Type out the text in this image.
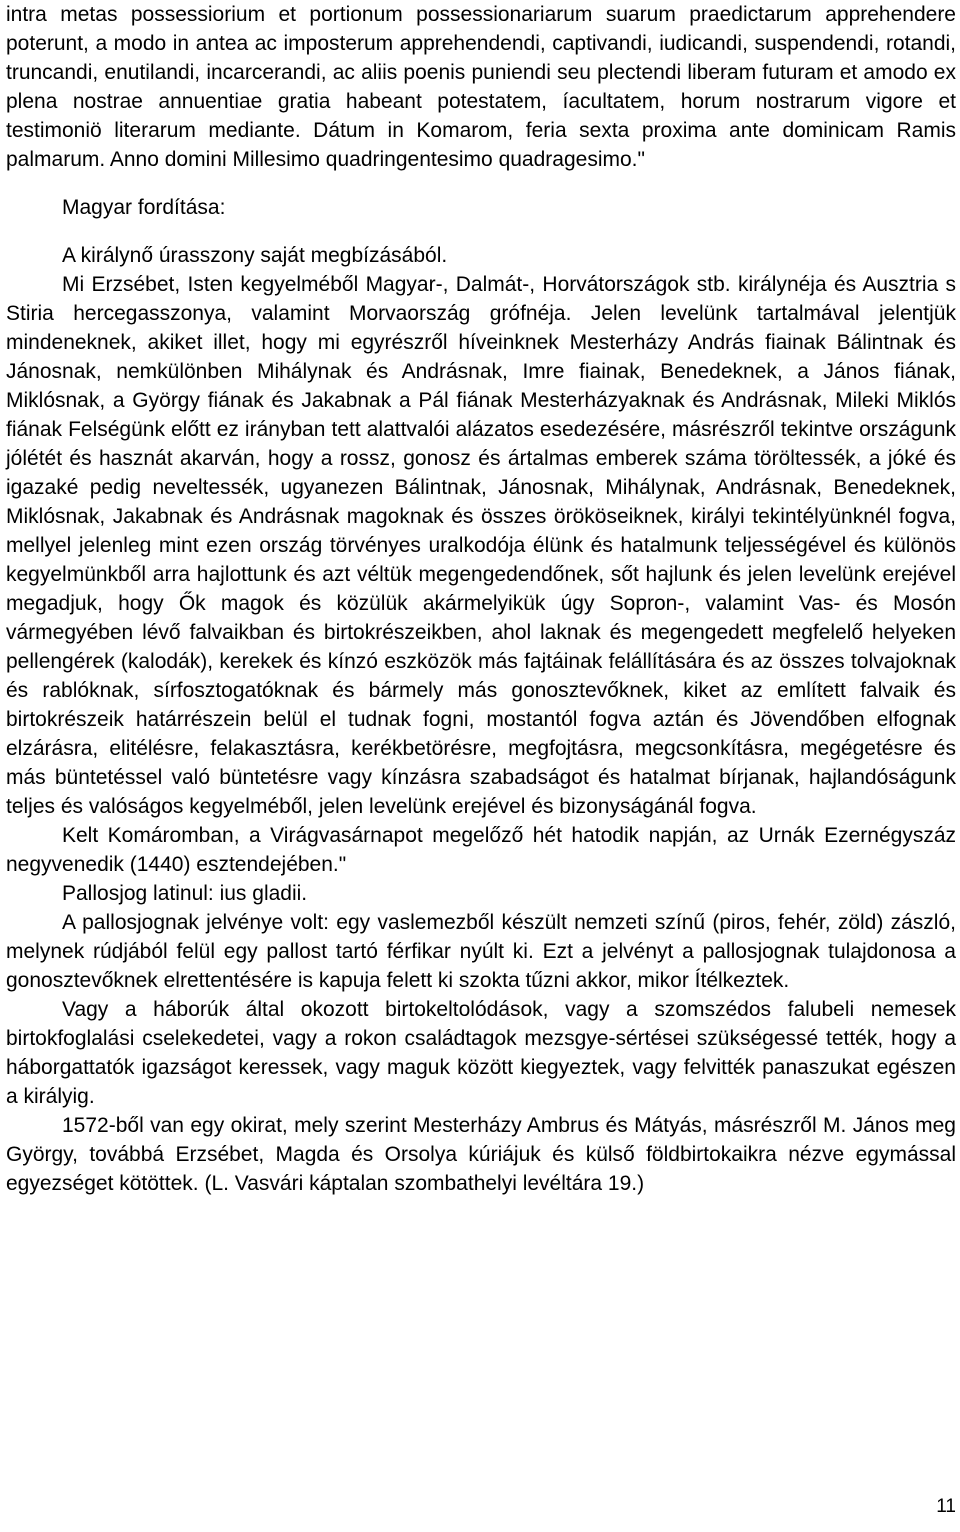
intra metas possessiorium et portionum possessionariarum suarum praedictarum apprehendere poterunt, a modo in antea ac imposterum apprehendendi, captivandi, iudicandi, suspendendi, rotandi, truncandi, enutilandi, incarcerandi, ac aliis poenis puniendi seu plectendi liberam futuram et amodo ex plena nostrae annuentiae gratia habeant potestatem, íacultatem, horum nostrarum vigore et testimoniö literarum mediante. Dátum in Komarom, feria sexta proxima ante dominicam Ramis palmarum. Anno domini Millesimo quadringentesimo quadragesimo."

Magyar fordítása:

A királynő úrasszony saját megbízásából.

Mi Erzsébet, Isten kegyelméből Magyar-, Dalmát-, Horvátországok stb. királynéja és Ausztria s Stiria hercegasszonya, valamint Morvaország grófnéja. Jelen levelünk tartalmával jelentjük mindeneknek, akiket illet, hogy mi egyrészről híveinknek Mesterházy András fiainak Bálintnak és Jánosnak, nemkülönben Mihálynak és Andrásnak, Imre fiainak, Benedeknek, a János fiának, Miklósnak, a György fiának és Jakabnak a Pál fiának Mesterházyaknak és Andrásnak, Mileki Miklós fiának Felségünk előtt ez irányban tett alattvalói alázatos esedezésére, másrészről tekintve országunk jólétét és hasznát akarván, hogy a rossz, gonosz és ártalmas emberek száma töröltessék, a jóké és igazaké pedig neveltessék, ugyanezen Bálintnak, Jánosnak, Mihálynak, Andrásnak, Benedeknek, Miklósnak, Jakabnak és Andrásnak magoknak és összes örököseiknek, királyi tekintélyünknél fogva, mellyel jelenleg mint ezen ország törvényes uralkodója élünk és hatalmunk teljességével és különös kegyelmünkből arra hajlottunk és azt véltük megengedendőnek, sőt hajlunk és jelen levelünk erejével megadjuk, hogy Ők magok és közülük akármelyikük úgy Sopron-, valamint Vas- és Mosón vármegyében lévő falvaikban és birtokrészeikben, ahol laknak és megengedett megfelelő helyeken pellengérek (kalodák), kerekek és kínzó eszközök más fajtáinak felállítására és az összes tolvajoknak és rablóknak, sírfosztogatóknak és bármely más gonosztevőknek, kiket az említett falvaik és birtokrészeik határrészein belül el tudnak fogni, mostantól fogva aztán és Jövendőben elfognak elzárásra, elitélésre, felakasztásra, kerékbetörésre, megfojtásra, megcsonkításra, megégetésre és más büntetéssel való büntetésre vagy kínzásra szabadságot és hatalmat bírjanak, hajlandóságunk teljes és valóságos kegyelméből, jelen levelünk erejével és bizonyságánál fogva.

Kelt Komáromban, a Virágvasárnapot megelőző hét hatodik napján, az Urnák Ezernégyszáz negyvenedik (1440) esztendejében."

Pallosjog latinul: ius gladii.

A pallosjognak jelvénye volt: egy vaslemezből készült nemzeti színű (piros, fehér, zöld) zászló, melynek rúdjából felül egy pallost tartó férfikar nyúlt ki. Ezt a jelvényt a pallosjognak tulajdonosa a gonosztevőknek elrettentésére is kapuja felett ki szokta tűzni akkor, mikor Ítélkeztek.

Vagy a háborúk által okozott birtokeltolódások, vagy a szomszédos falubeli nemesek birtokfoglalási cselekedetei, vagy a rokon családtagok mezsgye-sértései szükségessé tették, hogy a háborgattatók igazságot keressek, vagy maguk között kiegyeztek, vagy felvitték panaszukat egészen a királyig.

1572-ből van egy okirat, mely szerint Mesterházy Ambrus és Mátyás, másrészről M. János meg György, továbbá Erzsébet, Magda és Orsolya kúriájuk és külső földbirtokaikra nézve egymással egyezséget kötöttek. (L. Vasvári káptalan szombathelyi levéltára 19.)

11
